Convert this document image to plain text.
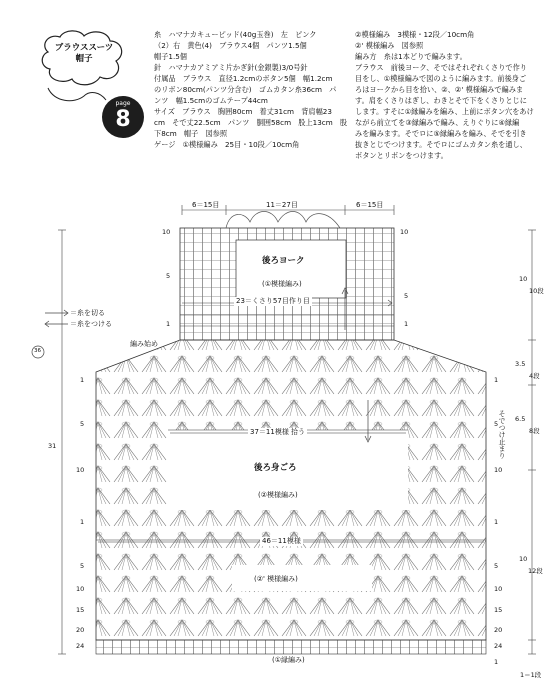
ブラウススーツ
帽子
page
8
糸　ハマナカキューピッド(40g玉巻)　左　ピンク
（2）右　黄色(4)　ブラウス4個　パンツ1.5個
帽子1.5個
針　ハマナカアミアミ片かぎ針(金銀製)3/0号針
付属品　ブラウス　直径1.2cmのボタン5個　幅1.2cm
のリボン80cm(パンツ分含む)　ゴムカタン糸36cm　パ
ンツ　幅1.5cmのゴムテープ44cm
サイズ　ブラウス　胸囲80cm　着丈31cm　背肩幅23
cm　そで丈22.5cm　パンツ　胴囲58cm　股上13cm　股
下8cm　帽子　図参照
ゲージ　①模様編み　25目・10段／10cm角
②模様編み　3模様・12段／10cm角
②' 模様編み　図参照
編み方　糸は1本どりで編みます。
ブラウス　前後ヨーク、そではそれぞれくさりで作り
目をし、①模様編みで図のように編みます。前後身ご
ろはヨークから目を拾い、②、②' 模様編みで編みま
す。肩をくさりはぎし、わきとそで下をくさりとじに
します。すそに①縁編みを編み、上前にボタン穴をあけ
ながら前立てを③縁編みで編み、えりぐりに④縁編
みを編みます。そでロに⑤縁編みを編み、そでを引き
抜きとじでつけます。そでロにゴムカタン糸を通し、
ボタンとリボンをつけます。
6＝15目	11＝27目	6＝15目
後ろヨーク
(①模様編み)
23＝くさり57目作り目
編み始め
＝糸を切る
＝糸をつける
37＝11模様 拾う
後ろ身ごろ
(②模様編み)
46＝11模様
(②' 模様編み)
(①縁編み)
10
10段
3.5
4段
6.5
8段
10
12段
1＝1段
そでつけ止まり
31
36
10
5
1
1
5
10
1
5
10
15
20
24
10
5
1
1
5
10
1
5
10
15
20
24
1
